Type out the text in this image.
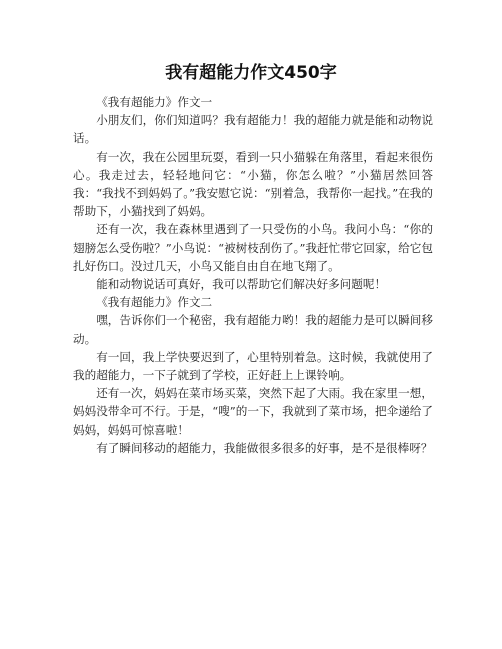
我有超能力作文450字

《我有超能力》作文一

小朋友们，你们知道吗？我有超能力！我的超能力就是能和动物说话。

有一次，我在公园里玩耍，看到一只小猫躲在角落里，看起来很伤心。我走过去，轻轻地问它：“小猫，你怎么啦？”小猫居然回答我：“我找不到妈妈了。”我安慰它说：“别着急，我帮你一起找。”在我的帮助下，小猫找到了妈妈。

还有一次，我在森林里遇到了一只受伤的小鸟。我问小鸟：“你的翅膀怎么受伤啦？”小鸟说：“被树枝刮伤了。”我赶忙带它回家，给它包扎好伤口。没过几天，小鸟又能自由自在地飞翔了。

能和动物说话可真好，我可以帮助它们解决好多问题呢！

《我有超能力》作文二

嘿，告诉你们一个秘密，我有超能力哟！我的超能力是可以瞬间移动。

有一回，我上学快要迟到了，心里特别着急。这时候，我就使用了我的超能力，一下子就到了学校，正好赶上上课铃响。

还有一次，妈妈在菜市场买菜，突然下起了大雨。我在家里一想，妈妈没带伞可不行。于是，“嗖”的一下，我就到了菜市场，把伞递给了妈妈，妈妈可惊喜啦！

有了瞬间移动的超能力，我能做很多很多的好事，是不是很棒呀？
